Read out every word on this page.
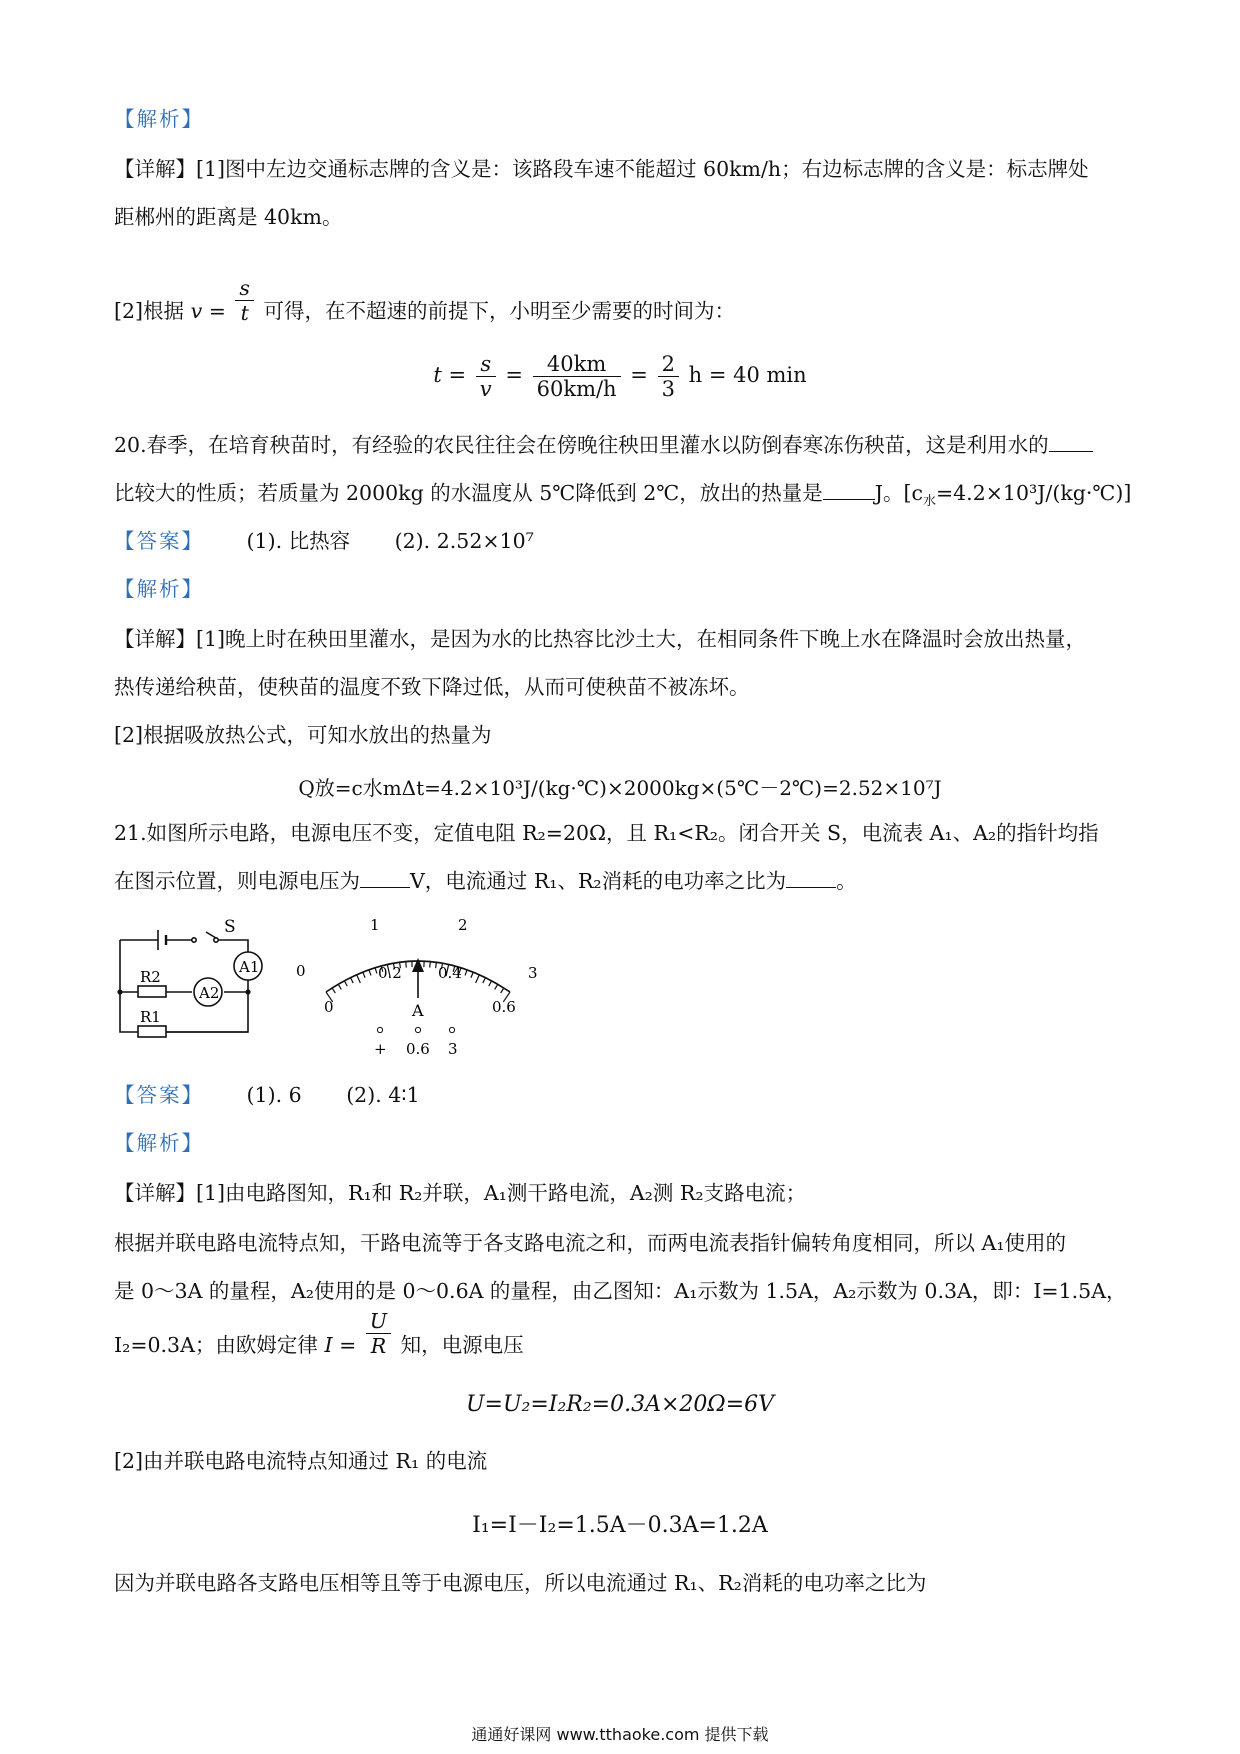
【解析】
【详解】[1]图中左边交通标志牌的含义是：该路段车速不能超过 60km/h；右边标志牌的含义是：标志牌处
距郴州的距离是 40km。
[2]根据 $v = \frac{s}{t}$ 可得，在不超速的前提下，小明至少需要的时间为：
$t = \frac{s}{v} = \frac{40km}{60km/h} = \frac{2}{3}$ h = 40 min
20.春季，在培育秧苗时，有经验的农民往往会在傍晚往秧田里灌水以防倒春寒冻伤秧苗，这是利用水的
比较大的性质；若质量为 2000kg 的水温度从 5℃降低到 2℃，放出的热量是	J。$[c_水=4.2\times 10^3J/(kg\cdot℃)]$
【答案】 (1). 比热容 (2). 2.52×10⁷
【解析】
【详解】[1]晚上时在秧田里灌水，是因为水的比热容比沙土大，在相同条件下晚上水在降温时会放出热量，
热传递给秧苗，使秧苗的温度不致下降过低，从而可使秧苗不被冻坏。
[2]根据吸放热公式，可知水放出的热量为
Q放=c水mΔt=4.2×10³J/(kg·℃)×2000kg×(5℃－2℃)=2.52×10⁷J
21.如图所示电路，电源电压不变，定值电阻 R₂=20Ω，且 R₁<R₂。闭合开关 S，电流表 A₁、A₂的指针均指
在图示位置，则电源电压为 V，电流通过 R₁、R₂消耗的电功率之比为 。
S
A1
A2
R2
R1
0
1	2
3
0
0.2 0.4
0.6
A
+ 0.6 3
【答案】 (1). 6 (2). 4∶1
【解析】
【详解】[1]由电路图知，R₁和 R₂并联，A₁测干路电流，A₂测 R₂支路电流；
根据并联电路电流特点知，干路电流等于各支路电流之和，而两电流表指针偏转角度相同，所以 A₁使用的
是 0～3A 的量程，A₂使用的是 0～0.6A 的量程，由乙图知：A₁示数为 1.5A，A₂示数为 0.3A，即：I=1.5A，
I₂=0.3A；由欧姆定律 $I = \frac{U}{R}$ 知，电源电压
U=U₂=I₂R₂=0.3A×20Ω=6V
[2]由并联电路电流特点知通过 R₁ 的电流
I₁=I－I₂=1.5A－0.3A=1.2A
因为并联电路各支路电压相等且等于电源电压，所以电流通过 R₁、R₂消耗的电功率之比为
通通好课网 www.tthaoke.com 提供下载
